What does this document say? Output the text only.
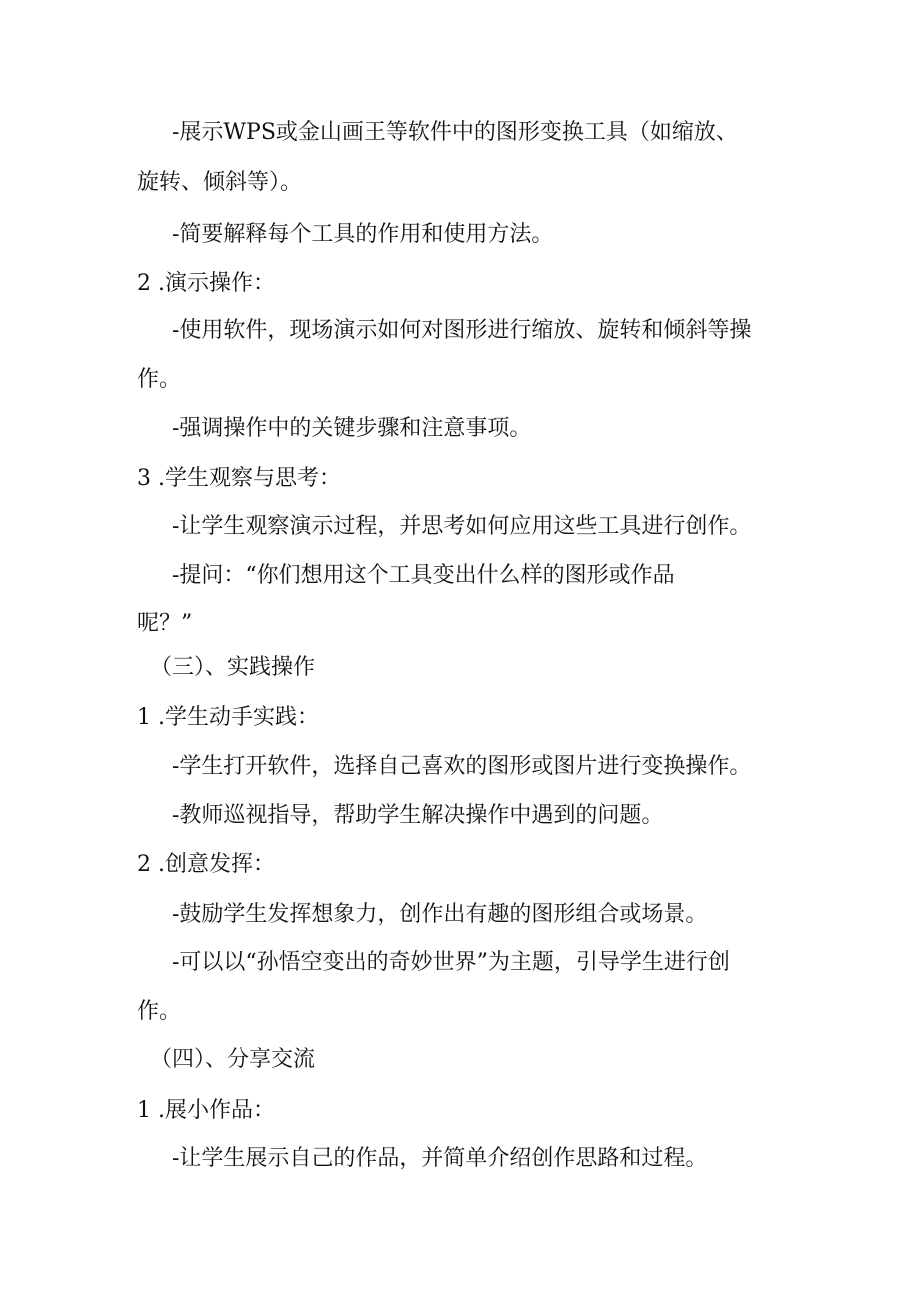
-展示WPS或金山画王等软件中的图形变换工具（如缩放、
旋转、倾斜等）。
-简要解释每个工具的作用和使用方法。
2 .演示操作：
-使用软件，现场演示如何对图形进行缩放、旋转和倾斜等操
作。
-强调操作中的关键步骤和注意事项。
3 .学生观察与思考：
-让学生观察演示过程，并思考如何应用这些工具进行创作。
-提问：“你们想用这个工具变出什么样的图形或作品
呢？”
（三）、实践操作
1 .学生动手实践：
-学生打开软件，选择自己喜欢的图形或图片进行变换操作。
-教师巡视指导，帮助学生解决操作中遇到的问题。
2 .创意发挥：
-鼓励学生发挥想象力，创作出有趣的图形组合或场景。
-可以以“孙悟空变出的奇妙世界”为主题，引导学生进行创
作。
（四）、分享交流
1 .展小作品：
-让学生展示自己的作品，并简单介绍创作思路和过程。
